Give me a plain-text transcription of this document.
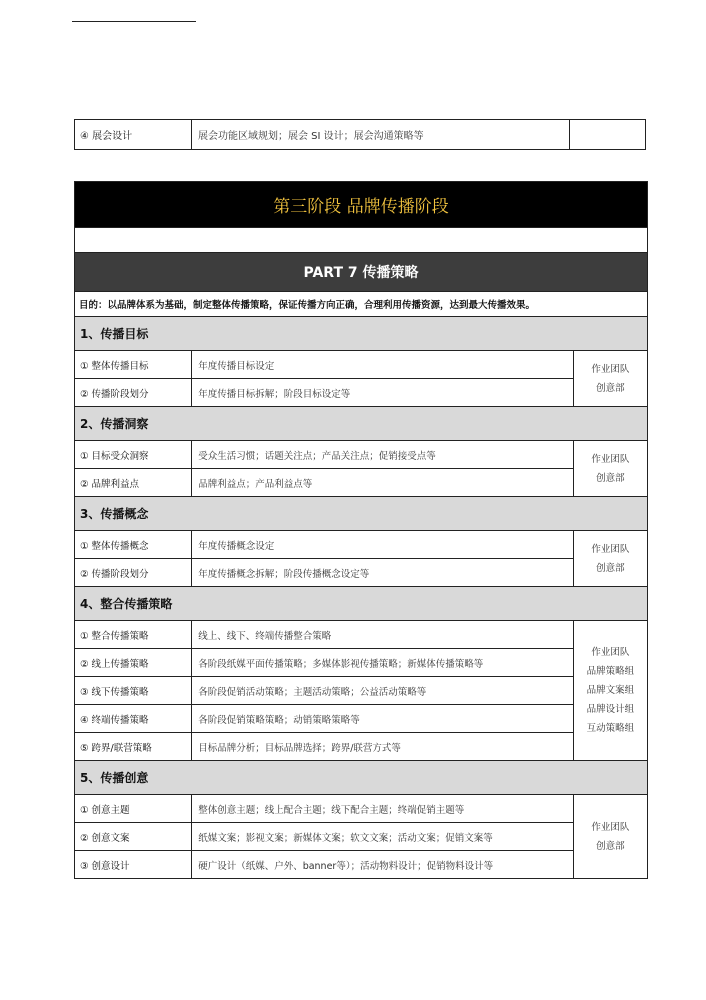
④ 展会设计	展会功能区域规划；展会 SI 设计；展会沟通策略等	
第三阶段 品牌传播阶段		

PART 7 传播策略		
目的：以品牌体系为基础，制定整体传播策略，保证传播方向正确，合理利用传播资源，达到最大传播效果。		
1、传播目标		
① 整体传播目标	年度传播目标设定	作业团队
创意部

② 传播阶段划分	年度传播目标拆解；阶段目标设定等	
2、传播洞察		
① 目标受众洞察	受众生活习惯；话题关注点；产品关注点；促销接受点等	作业团队
创意部

② 品牌利益点	品牌利益点；产品利益点等	
3、传播概念		
① 整体传播概念	年度传播概念设定	作业团队
创意部

② 传播阶段划分	年度传播概念拆解；阶段传播概念设定等	
4、整合传播策略		
① 整合传播策略	线上、线下、终端传播整合策略	作业团队
品牌策略组
品牌文案组
品牌设计组
互动策略组

② 线上传播策略	各阶段纸媒平面传播策略；多媒体影视传播策略；新媒体传播策略等	
③ 线下传播策略	各阶段促销活动策略；主题活动策略；公益活动策略等	
④ 终端传播策略	各阶段促销策略策略；动销策略策略等	
⑤ 跨界/联营策略	目标品牌分析；目标品牌选择；跨界/联营方式等	
5、传播创意		
① 创意主题	整体创意主题；线上配合主题；线下配合主题；终端促销主题等	作业团队
创意部

② 创意文案	纸媒文案；影视文案；新媒体文案；软文文案；活动文案；促销文案等	
③ 创意设计	硬广设计（纸媒、户外、banner等）；活动物料设计；促销物料设计等	
